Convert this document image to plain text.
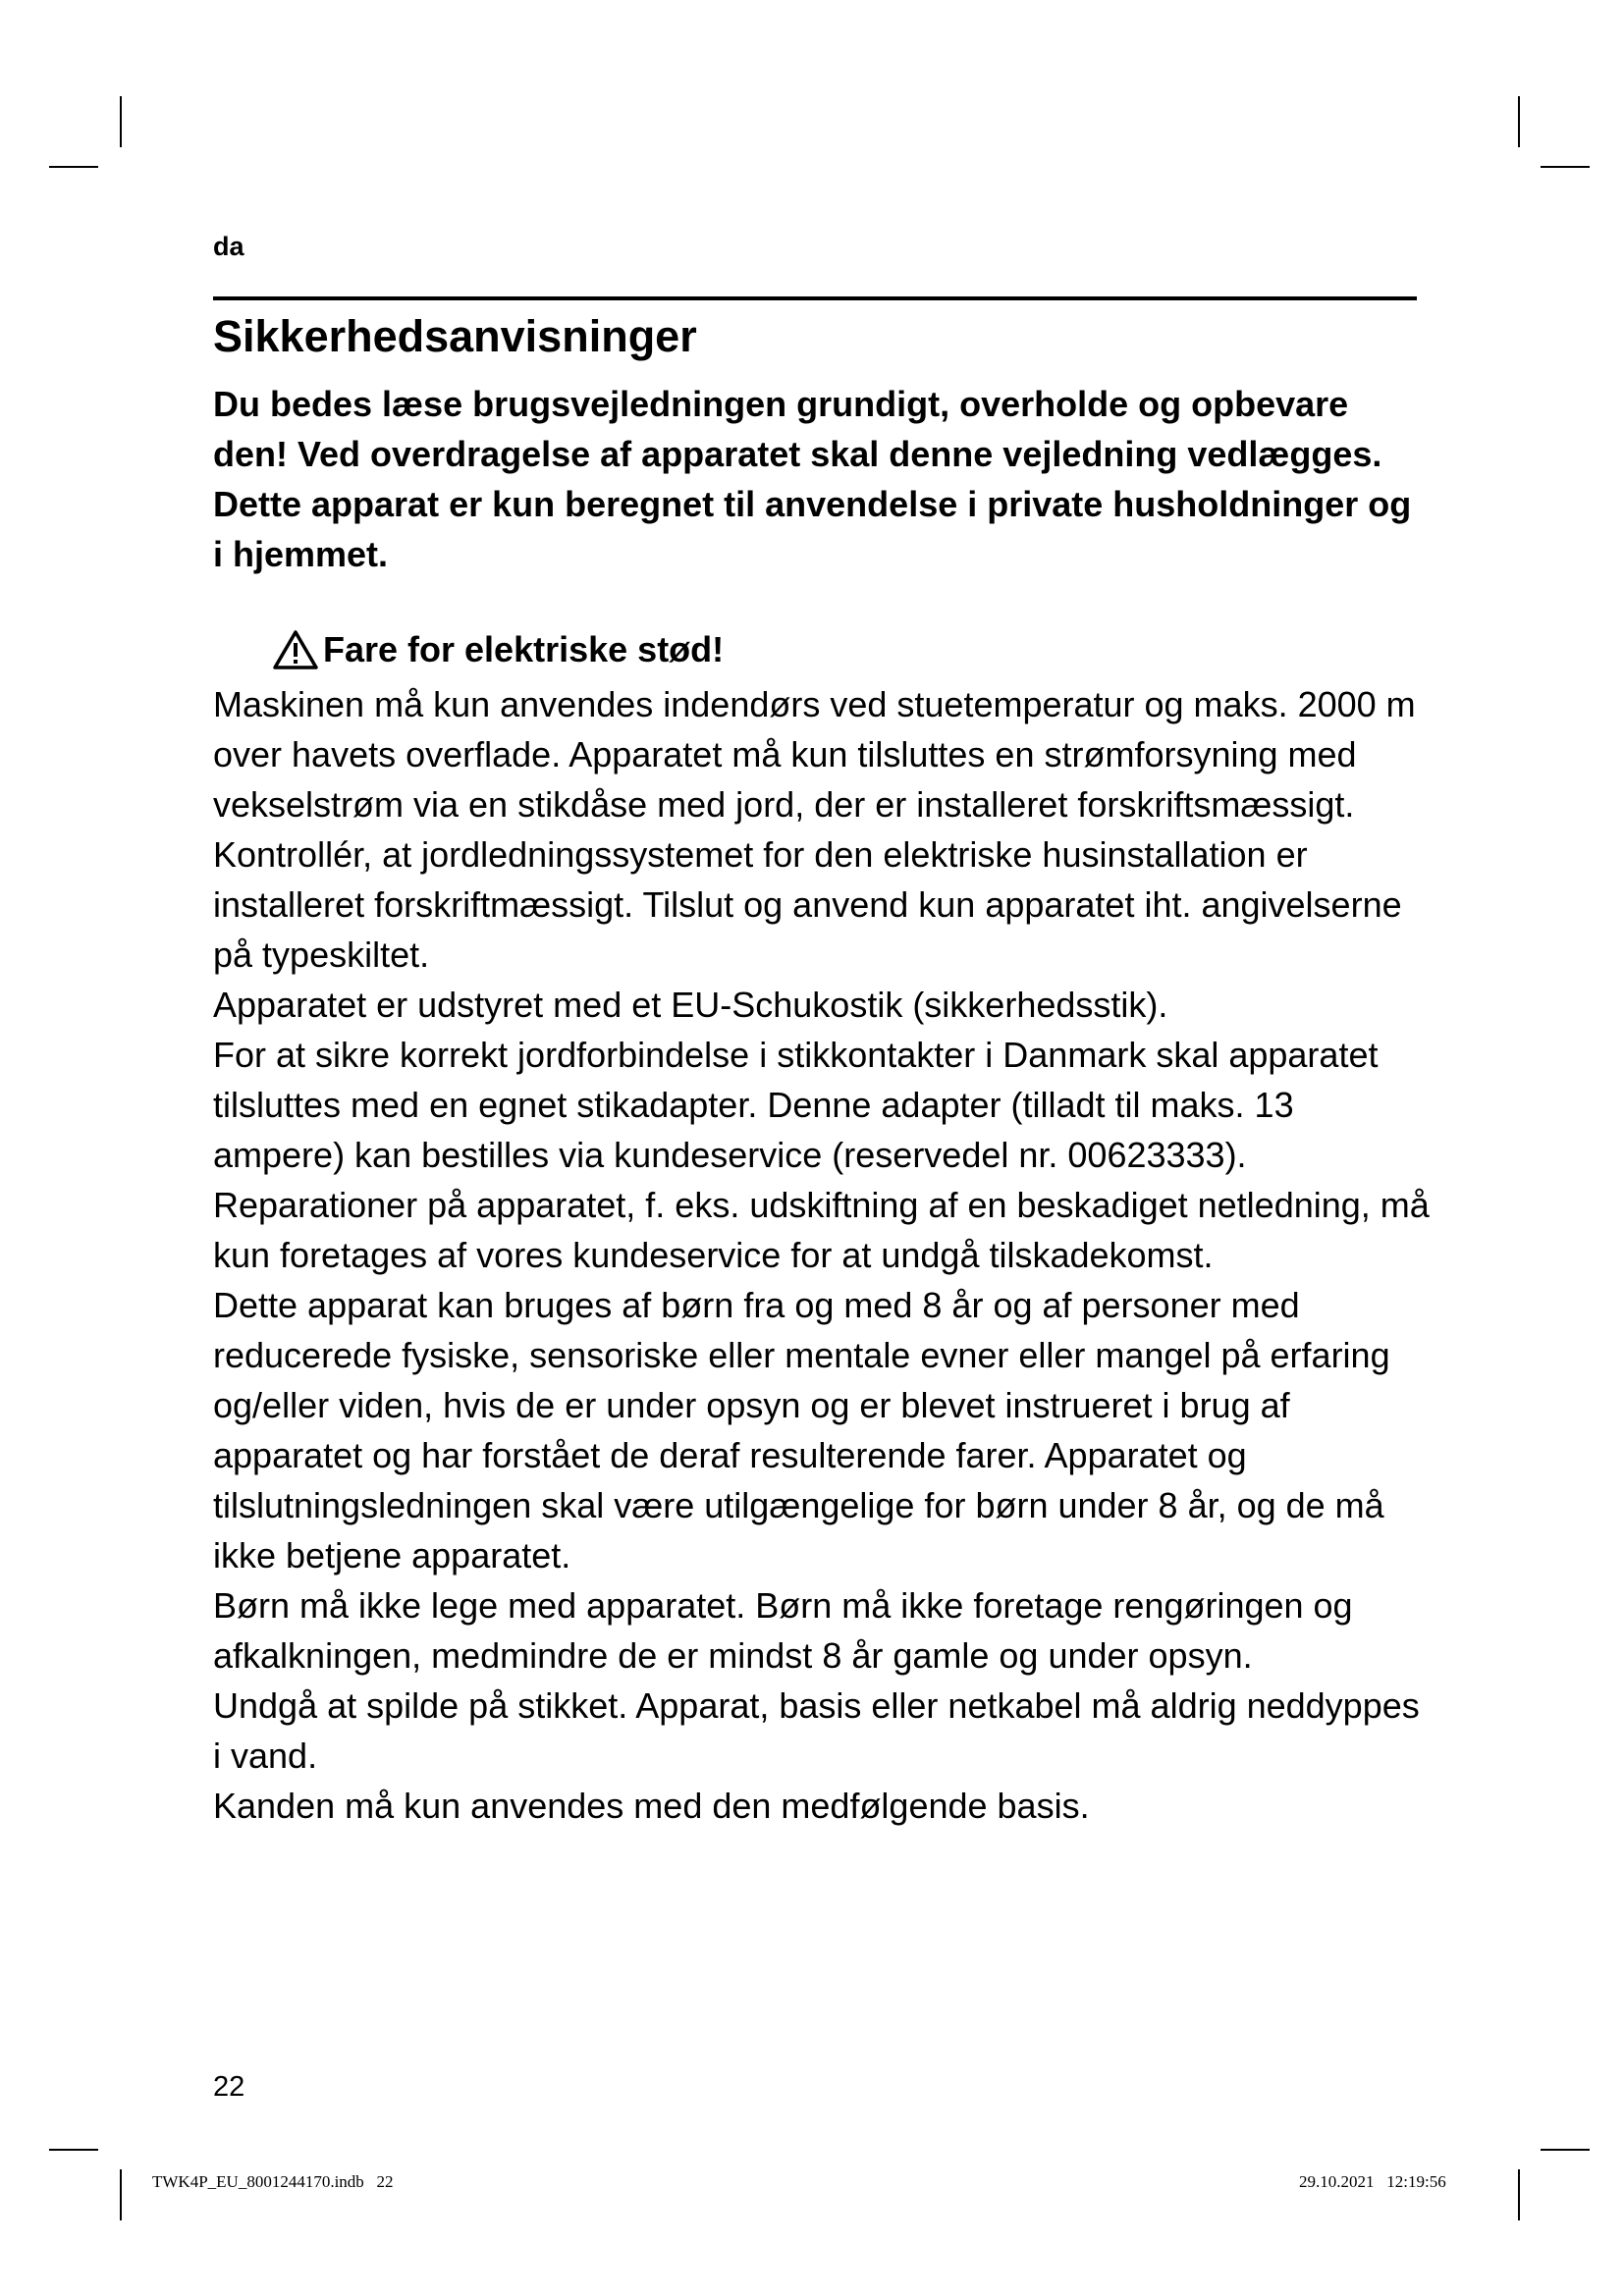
da
Sikkerhedsanvisninger

Du bedes læse brugsvejledningen grundigt, overholde og opbevare den! Ved overdragelse af apparatet skal denne vejledning vedlægges. Dette apparat er kun beregnet til anvendelse i private husholdninger og i hjemmet.

Fare for elektriske stød!

Maskinen må kun anvendes indendørs ved stuetemperatur og maks. 2000 m over havets overflade. Apparatet må kun tilsluttes en strømforsyning med vekselstrøm via en stikdåse med jord, der er installeret forskriftsmæssigt. Kontrollér, at jordledningssystemet for den elektriske husinstallation er installeret forskriftmæssigt. Tilslut og anvend kun apparatet iht. angivelserne på typeskiltet.

Apparatet er udstyret med et EU-Schukostik (sikkerhedsstik).

For at sikre korrekt jordforbindelse i stikkontakter i Danmark skal apparatet tilsluttes med en egnet stikadapter. Denne adapter (tilladt til maks. 13 ampere) kan bestilles via kundeservice (reservedel nr. 00623333). Reparationer på apparatet, f. eks. udskiftning af en beskadiget netledning, må kun foretages af vores kundeservice for at undgå tilskadekomst.

Dette apparat kan bruges af børn fra og med 8 år og af personer med reducerede fysiske, sensoriske eller mentale evner eller mangel på erfaring og/eller viden, hvis de er under opsyn og er blevet instrueret i brug af apparatet og har forstået de deraf resulterende farer. Apparatet og tilslutningsledningen skal være utilgængelige for børn under 8 år, og de må ikke betjene apparatet.

Børn må ikke lege med apparatet. Børn må ikke foretage rengøringen og afkalkningen, medmindre de er mindst 8 år gamle og under opsyn.

Undgå at spilde på stikket. Apparat, basis eller netkabel må aldrig neddyppes i vand.

Kanden må kun anvendes med den medfølgende basis.

22
TWK4P_EU_8001244170.indb   22	29.10.2021   12:19:56
